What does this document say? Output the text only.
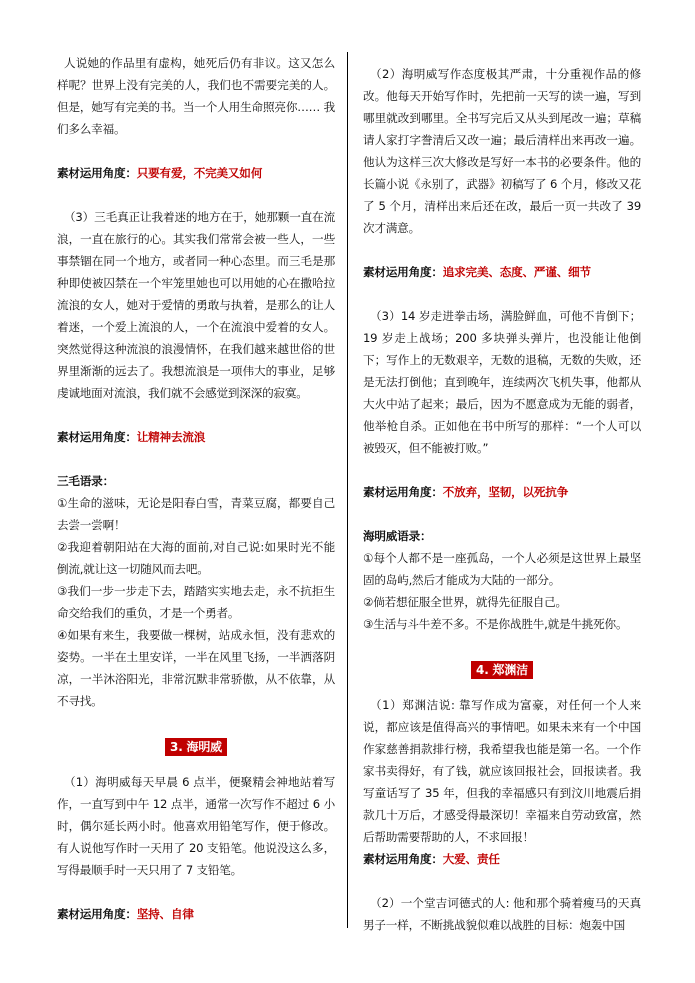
人说她的作品里有虚构，她死后仍有非议。这又怎么样呢？世界上没有完美的人，我们也不需要完美的人。但是，她写有完美的书。当一个人用生命照亮你…… 我们多么幸福。

素材运用角度：只要有爱，不完美又如何

（3）三毛真正让我着迷的地方在于，她那颗一直在流浪，一直在旅行的心。其实我们常常会被一些人，一些事禁锢在同一个地方，或者同一种心态里。而三毛是那种即使被囚禁在一个牢笼里她也可以用她的心在撒哈拉流浪的女人，她对于爱情的勇敢与执着，是那么的让人着迷，一个爱上流浪的人，一个在流浪中爱着的女人。突然觉得这种流浪的浪漫情怀，在我们越来越世俗的世界里渐渐的远去了。我想流浪是一项伟大的事业，足够虔诚地面对流浪，我们就不会感觉到深深的寂寞。

素材运用角度：让精神去流浪

三毛语录：

①生命的滋味，无论是阳春白雪，青菜豆腐，都要自己去尝一尝啊！

②我迎着朝阳站在大海的面前,对自己说:如果时光不能倒流,就让这一切随风而去吧。

③我们一步一步走下去，踏踏实实地去走，永不抗拒生命交给我们的重负，才是一个勇者。

④如果有来生，我要做一棵树，站成永恒，没有悲欢的姿势。一半在土里安详，一半在风里飞扬，一半洒落阴凉，一半沐浴阳光，非常沉默非常骄傲，从不依靠，从不寻找。

3. 海明威

（1）海明威每天早晨 6 点半，便聚精会神地站着写作，一直写到中午 12 点半，通常一次写作不超过 6 小时，偶尔延长两小时。他喜欢用铅笔写作，便于修改。有人说他写作时一天用了 20 支铅笔。他说没这么多，写得最顺手时一天只用了 7 支铅笔。

素材运用角度：坚持、自律

（2）海明威写作态度极其严肃，十分重视作品的修改。他每天开始写作时，先把前一天写的读一遍，写到哪里就改到哪里。全书写完后又从头到尾改一遍；草稿请人家打字誊清后又改一遍；最后清样出来再改一遍。他认为这样三次大修改是写好一本书的必要条件。他的长篇小说《永别了，武器》初稿写了 6 个月，修改又花了 5 个月，清样出来后还在改，最后一页一共改了 39 次才满意。

素材运用角度：追求完美、态度、严谨、细节

（3）14 岁走进拳击场，满脸鲜血，可他不肯倒下；19 岁走上战场；200 多块弹头弹片，也没能让他倒下；写作上的无数艰辛，无数的退稿，无数的失败，还是无法打倒他；直到晚年，连续两次飞机失事，他都从大火中站了起来；最后，因为不愿意成为无能的弱者，他举枪自杀。正如他在书中所写的那样：“一个人可以被毁灭，但不能被打败。”

素材运用角度：不放弃，坚韧，以死抗争

海明威语录：

①每个人都不是一座孤岛，一个人必须是这世界上最坚固的岛屿,然后才能成为大陆的一部分。

②倘若想征服全世界，就得先征服自己。

③生活与斗牛差不多。不是你战胜牛,就是牛挑死你。

4. 郑渊洁

（1）郑渊洁说: 靠写作成为富豪，对任何一个人来说，都应该是值得高兴的事情吧。如果未来有一个中国作家慈善捐款排行榜，我希望我也能是第一名。一个作家书卖得好，有了钱，就应该回报社会，回报读者。我写童话写了 35 年，但我的幸福感只有到汶川地震后捐款几十万后，才感受得最深切！幸福来自劳动致富，然后帮助需要帮助的人，不求回报！

素材运用角度：大爱、责任

（2）一个堂吉诃德式的人: 他和那个骑着瘦马的天真男子一样，不断挑战貌似难以战胜的目标：炮轰中国
